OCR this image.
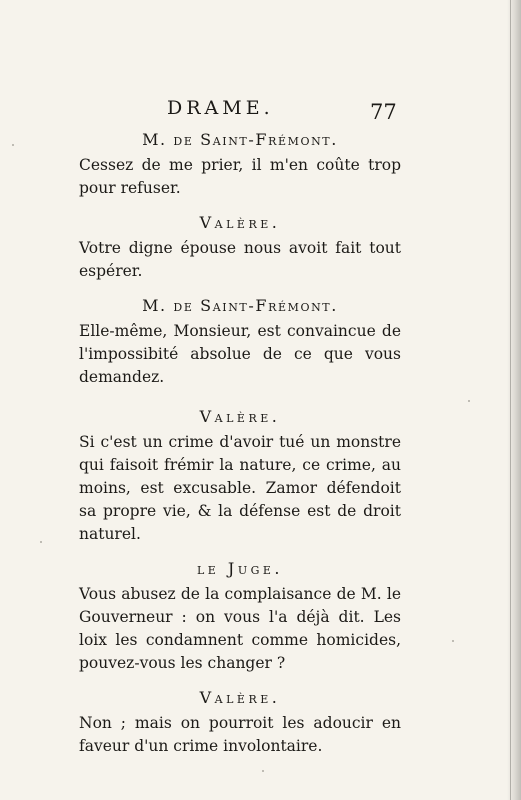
DRAME.	77

M. de Saint-Frémont.

Cessez de me prier, il m'en coûte trop pour refuser.

Valère.

Votre digne épouse nous avoit fait tout espérer.

M. de Saint-Frémont.

Elle-même, Monsieur, est convaincue de l'impossibité absolue de ce que vous demandez.

Valère.

Si c'est un crime d'avoir tué un monstre qui faisoit frémir la nature, ce crime, au moins, est excusable. Zamor défendoit sa propre vie, & la défense est de droit naturel.

le Juge.

Vous abusez de la complaisance de M. le Gouverneur : on vous l'a déjà dit. Les loix les condamnent comme homicides, pouvez-vous les changer ?

Valère.

Non ; mais on pourroit les adoucir en faveur d'un crime involontaire.
